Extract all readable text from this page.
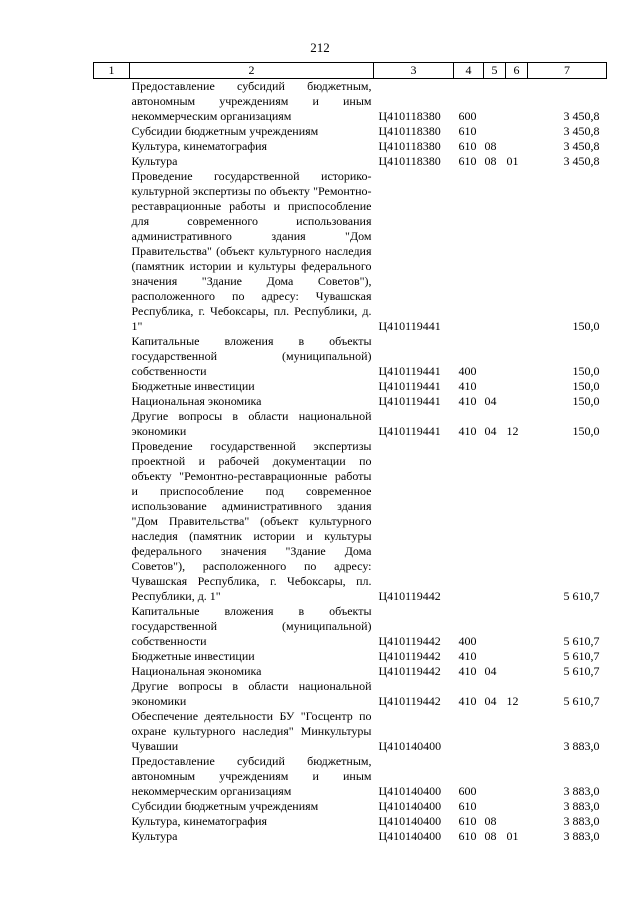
212
1	2	3	4	5	6	7
	Предоставление субсидий бюджетным, автономным учреждениям и иным некоммерческим организациям	Ц410118380	600			3 450,8
	Субсидии бюджетным учреждениям	Ц410118380	610			3 450,8
	Культура, кинематография	Ц410118380	610	08		3 450,8
	Культура	Ц410118380	610	08	01	3 450,8
	Проведение государственной историко-культурной экспертизы по объекту "Ремонтно-реставрационные работы и приспособление для современного использования административного здания "Дом Правительства" (объект культурного наследия (памятник истории и культуры федерального значения "Здание Дома Советов"), расположенного по адресу: Чувашская Республика, г. Чебоксары, пл. Республики, д. 1"	Ц410119441				150,0
	Капитальные вложения в объекты государственной (муниципальной) собственности	Ц410119441	400			150,0
	Бюджетные инвестиции	Ц410119441	410			150,0
	Национальная экономика	Ц410119441	410	04		150,0
	Другие вопросы в области национальной экономики	Ц410119441	410	04	12	150,0
	Проведение государственной экспертизы проектной и рабочей документации по объекту "Ремонтно-реставрационные работы и приспособление под современное использование административного здания "Дом Правительства" (объект культурного наследия (памятник истории и культуры федерального значения "Здание Дома Советов"), расположенного по адресу: Чувашская Республика, г. Чебоксары, пл. Республики, д. 1"	Ц410119442				5 610,7
	Капитальные вложения в объекты государственной (муниципальной) собственности	Ц410119442	400			5 610,7
	Бюджетные инвестиции	Ц410119442	410			5 610,7
	Национальная экономика	Ц410119442	410	04		5 610,7
	Другие вопросы в области национальной экономики	Ц410119442	410	04	12	5 610,7
	Обеспечение деятельности БУ "Госцентр по охране культурного наследия" Минкультуры Чувашии	Ц410140400				3 883,0
	Предоставление субсидий бюджетным, автономным учреждениям и иным некоммерческим организациям	Ц410140400	600			3 883,0
	Субсидии бюджетным учреждениям	Ц410140400	610			3 883,0
	Культура, кинематография	Ц410140400	610	08		3 883,0
	Культура	Ц410140400	610	08	01	3 883,0
